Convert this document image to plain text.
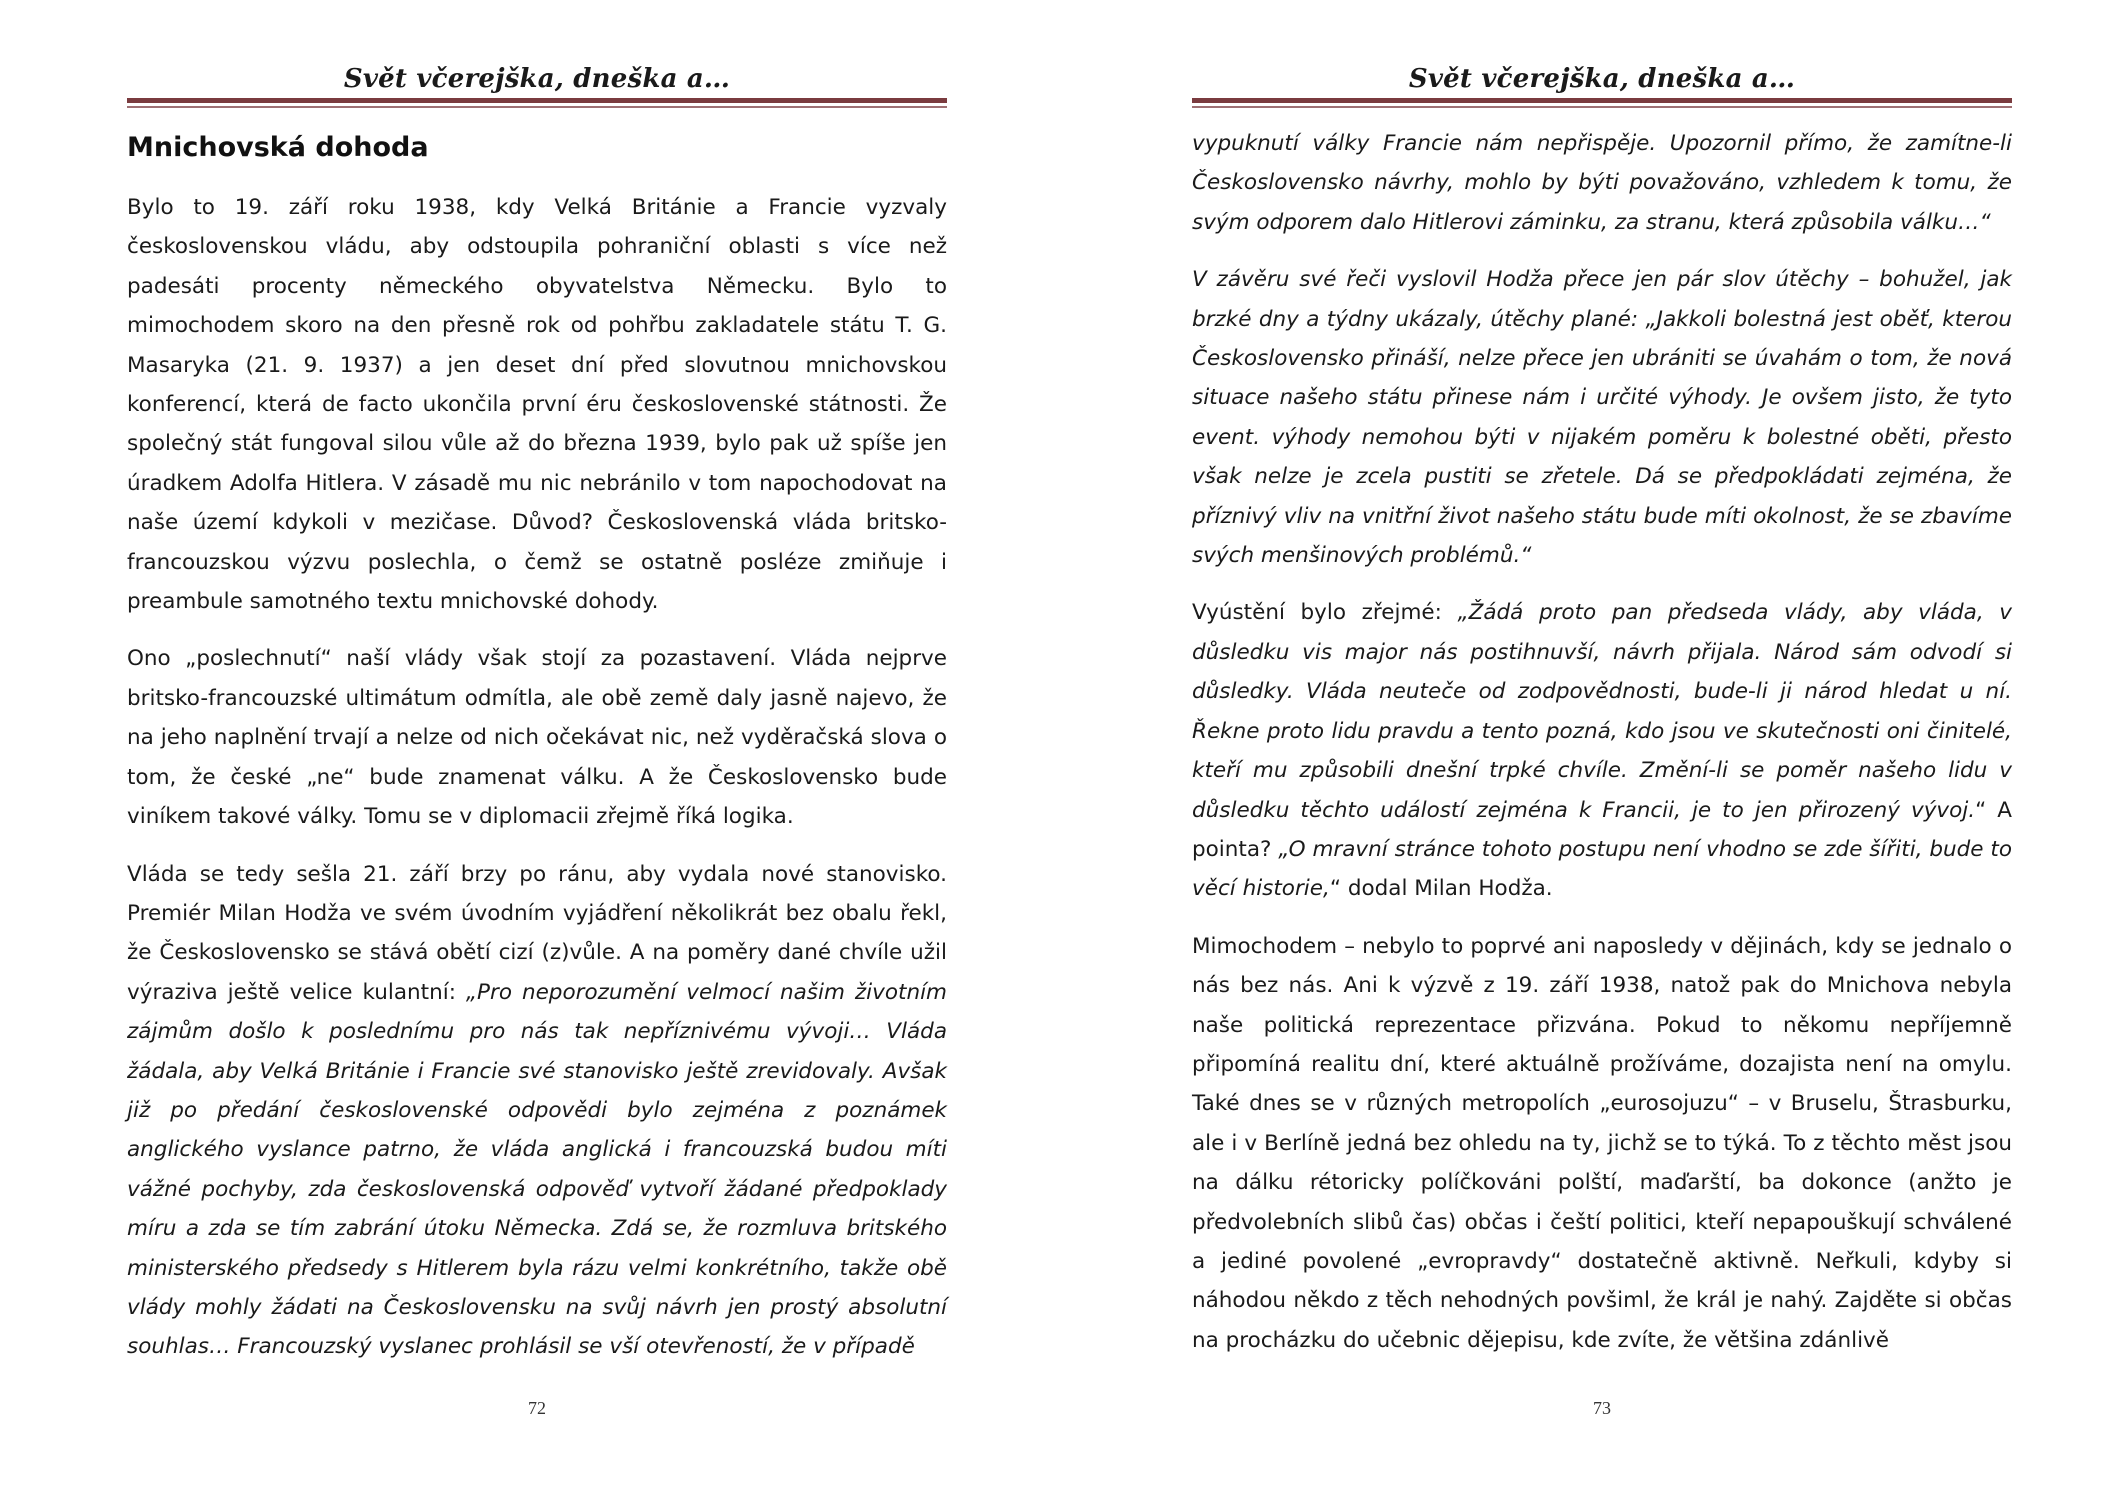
Svět včerejška, dneška a…
Mnichovská dohoda

Bylo to 19. září roku 1938, kdy Velká Británie a Francie vyzvaly československou vládu, aby odstoupila pohraniční oblasti s více než padesáti procenty německého obyvatelstva Německu. Bylo to mimochodem skoro na den přesně rok od pohřbu zakladatele státu T. G. Masaryka (21. 9. 1937) a jen deset dní před slovutnou mnichovskou konferencí, která de facto ukončila první éru československé státnosti. Že společný stát fungoval silou vůle až do března 1939, bylo pak už spíše jen úradkem Adolfa Hitlera. V zásadě mu nic nebránilo v tom napochodovat na naše území kdykoli v mezičase. Důvod? Československá vláda britsko-francouzskou výzvu poslechla, o čemž se ostatně posléze zmiňuje i preambule samotného textu mnichovské dohody.

Ono „poslechnutí“ naší vlády však stojí za pozastavení. Vláda nejprve britsko-francouzské ultimátum odmítla, ale obě země daly jasně najevo, že na jeho naplnění trvají a nelze od nich očekávat nic, než vyděračská slova o tom, že české „ne“ bude znamenat válku. A že Československo bude viníkem takové války. Tomu se v diplomacii zřejmě říká logika.

Vláda se tedy sešla 21. září brzy po ránu, aby vydala nové stanovisko. Premiér Milan Hodža ve svém úvodním vyjádření několikrát bez obalu řekl, že Československo se stává obětí cizí (z)vůle. A na poměry dané chvíle užil výraziva ještě velice kulantní: „Pro neporozumění velmocí našim životním zájmům došlo k poslednímu pro nás tak nepříznivému vývoji… Vláda žádala, aby Velká Británie i Francie své stanovisko ještě zrevidovaly. Avšak již po předání československé odpovědi bylo zejména z poznámek anglického vyslance patrno, že vláda anglická i francouzská budou míti vážné pochyby, zda československá odpověď vytvoří žádané předpoklady míru a zda se tím zabrání útoku Německa. Zdá se, že rozmluva britského ministerského předsedy s Hitlerem byla rázu velmi konkrétního, takže obě vlády mohly žádati na Československu na svůj návrh jen prostý absolutní souhlas… Francouzský vyslanec prohlásil se vší otevřeností, že v případě

72
Svět včerejška, dneška a…

vypuknutí války Francie nám nepřispěje. Upozornil přímo, že zamítne-li Československo návrhy, mohlo by býti považováno, vzhledem k tomu, že svým odporem dalo Hitlerovi záminku, za stranu, která způsobila válku…“

V závěru své řeči vyslovil Hodža přece jen pár slov útěchy – bohužel, jak brzké dny a týdny ukázaly, útěchy plané: „Jakkoli bolestná jest oběť, kterou Československo přináší, nelze přece jen ubrániti se úvahám o tom, že nová situace našeho státu přinese nám i určité výhody. Je ovšem jisto, že tyto event. výhody nemohou býti v nijakém poměru k bolestné oběti, přesto však nelze je zcela pustiti se zřetele. Dá se předpokládati zejména, že příznivý vliv na vnitřní život našeho státu bude míti okolnost, že se zbavíme svých menšinových problémů.“

Vyústění bylo zřejmé: „Žádá proto pan předseda vlády, aby vláda, v důsledku vis major nás postihnuvší, návrh přijala. Národ sám odvodí si důsledky. Vláda neuteče od zodpovědnosti, bude-li ji národ hledat u ní. Řekne proto lidu pravdu a tento pozná, kdo jsou ve skutečnosti oni činitelé, kteří mu způsobili dnešní trpké chvíle. Změní-li se poměr našeho lidu v důsledku těchto událostí zejména k Francii, je to jen přirozený vývoj.“ A pointa? „O mravní stránce tohoto postupu není vhodno se zde šířiti, bude to věcí historie,“ dodal Milan Hodža.

Mimochodem – nebylo to poprvé ani naposledy v dějinách, kdy se jednalo o nás bez nás. Ani k výzvě z 19. září 1938, natož pak do Mnichova nebyla naše politická reprezentace přizvána. Pokud to někomu nepříjemně připomíná realitu dní, které aktuálně prožíváme, dozajista není na omylu. Také dnes se v různých metropolích „eurosojuzu“ – v Bruselu, Štrasburku, ale i v Berlíně jedná bez ohledu na ty, jichž se to týká. To z těchto měst jsou na dálku rétoricky políčkováni polští, maďarští, ba dokonce (anžto je předvolebních slibů čas) občas i čeští politici, kteří nepapouškují schválené a jediné povolené „evropravdy“ dostatečně aktivně. Neřkuli, kdyby si náhodou někdo z těch nehodných povšiml, že král je nahý. Zajděte si občas na procházku do učebnic dějepisu, kde zvíte, že většina zdánlivě

73
